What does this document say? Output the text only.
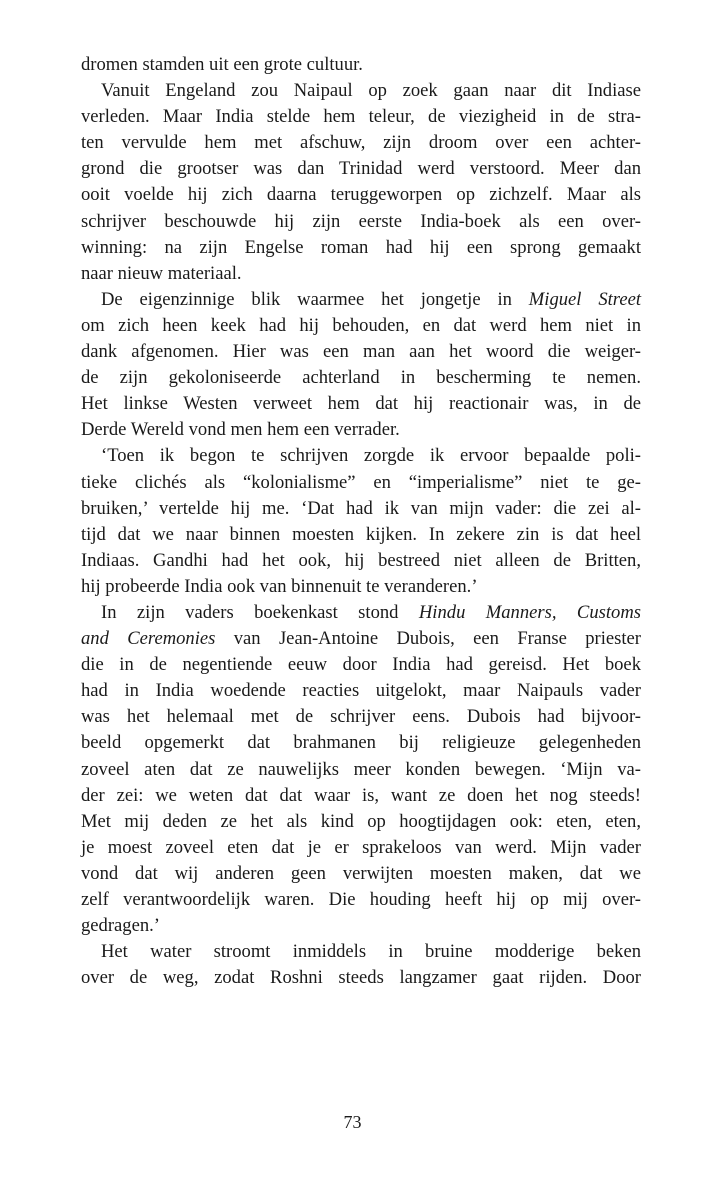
dromen stamden uit een grote cultuur.
Vanuit Engeland zou Naipaul op zoek gaan naar dit Indiase
verleden. Maar India stelde hem teleur, de viezigheid in de stra-
ten vervulde hem met afschuw, zijn droom over een achter-
grond die grootser was dan Trinidad werd verstoord. Meer dan
ooit voelde hij zich daarna teruggeworpen op zichzelf. Maar als
schrijver beschouwde hij zijn eerste India-boek als een over-
winning: na zijn Engelse roman had hij een sprong gemaakt
naar nieuw materiaal.
De eigenzinnige blik waarmee het jongetje in Miguel Street
om zich heen keek had hij behouden, en dat werd hem niet in
dank afgenomen. Hier was een man aan het woord die weiger-
de zijn gekoloniseerde achterland in bescherming te nemen.
Het linkse Westen verweet hem dat hij reactionair was, in de
Derde Wereld vond men hem een verrader.
‘Toen ik begon te schrijven zorgde ik ervoor bepaalde poli-
tieke clichés als “kolonialisme” en “imperialisme” niet te ge-
bruiken,’ vertelde hij me. ‘Dat had ik van mijn vader: die zei al-
tijd dat we naar binnen moesten kijken. In zekere zin is dat heel
Indiaas. Gandhi had het ook, hij bestreed niet alleen de Britten,
hij probeerde India ook van binnenuit te veranderen.’
In zijn vaders boekenkast stond Hindu Manners, Customs
and Ceremonies van Jean-Antoine Dubois, een Franse priester
die in de negentiende eeuw door India had gereisd. Het boek
had in India woedende reacties uitgelokt, maar Naipauls vader
was het helemaal met de schrijver eens. Dubois had bijvoor-
beeld opgemerkt dat brahmanen bij religieuze gelegenheden
zoveel aten dat ze nauwelijks meer konden bewegen. ‘Mijn va-
der zei: we weten dat dat waar is, want ze doen het nog steeds!
Met mij deden ze het als kind op hoogtijdagen ook: eten, eten,
je moest zoveel eten dat je er sprakeloos van werd. Mijn vader
vond dat wij anderen geen verwijten moesten maken, dat we
zelf verantwoordelijk waren. Die houding heeft hij op mij over-
gedragen.’
Het water stroomt inmiddels in bruine modderige beken
over de weg, zodat Roshni steeds langzamer gaat rijden. Door
73
